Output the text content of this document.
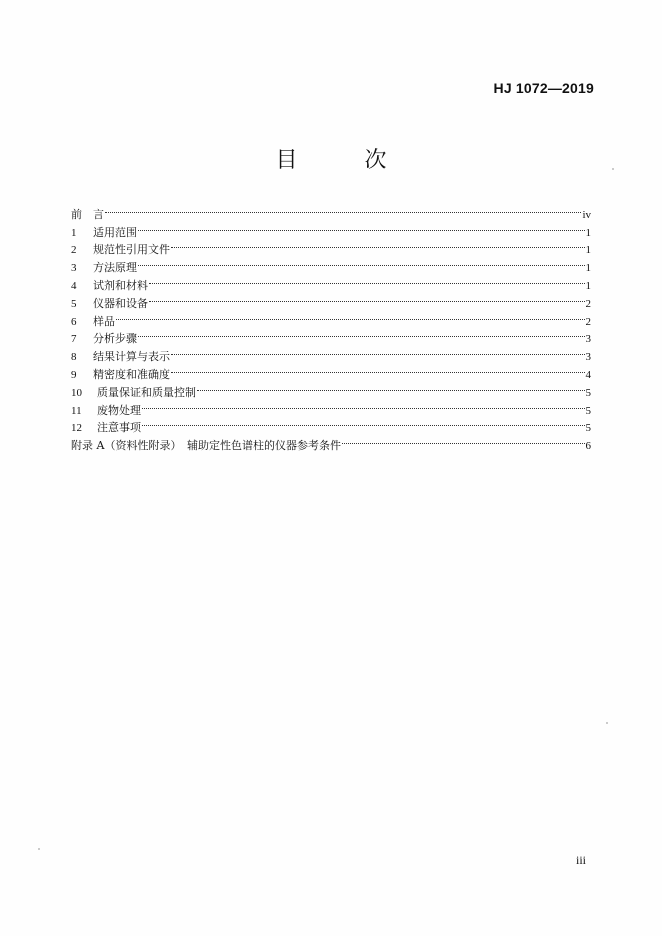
HJ 1072—2019
目 次
前　言	iv
1	适用范围	1
2	规范性引用文件	1
3	方法原理	1
4	试剂和材料	1
5	仪器和设备	2
6	样品	2
7	分析步骤	3
8	结果计算与表示	3
9	精密度和准确度	4
10	质量保证和质量控制	5
11	废物处理	5
12	注意事项	5
附录 A（资料性附录）　辅助定性色谱柱的仪器参考条件	6
iii
